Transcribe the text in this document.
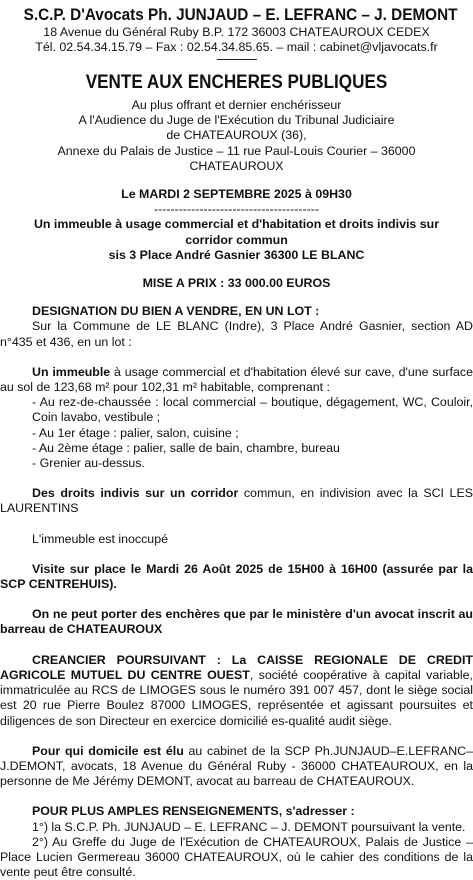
S.C.P. D'Avocats Ph. JUNJAUD – E. LEFRANC – J. DEMONT
18 Avenue du Général Ruby B.P. 172 36003 CHATEAUROUX CEDEX
Tél. 02.54.34.15.79 – Fax : 02.54.34.85.65. – mail : cabinet@vljavocats.fr
VENTE AUX ENCHERES PUBLIQUES
Au plus offrant et dernier enchérisseur
A l'Audience du Juge de l'Exécution du Tribunal Judiciaire
de CHATEAUROUX (36),
Annexe du Palais de Justice – 11 rue Paul-Louis Courier – 36000
CHATEAUROUX
Le MARDI 2 SEPTEMBRE 2025 à 09H30
----------------------------------------
Un immeuble à usage commercial et d'habitation et droits indivis sur
corridor commun
sis 3 Place André Gasnier 36300 LE BLANC
MISE A PRIX : 33 000.00 EUROS

DESIGNATION DU BIEN A VENDRE, EN UN LOT :

Sur la Commune de LE BLANC (Indre), 3 Place André Gasnier, section AD n°435 et 436, en un lot :

Un immeuble à usage commercial et d'habitation élevé sur cave, d'une surface au sol de 123,68 m² pour 102,31 m² habitable, comprenant :

- Au rez-de-chaussée : local commercial – boutique, dégagement, WC, Couloir, Coin lavabo, vestibule ;
- Au 1er étage : palier, salon, cuisine ;
- Au 2ème étage : palier, salle de bain, chambre, bureau
- Grenier au-dessus.

Des droits indivis sur un corridor commun, en indivision avec la SCI LES LAURENTINS

L'immeuble est inoccupé

Visite sur place le Mardi 26 Août 2025 de 15H00 à 16H00 (assurée par la SCP CENTREHUIS).

On ne peut porter des enchères que par le ministère d'un avocat inscrit au barreau de CHATEAUROUX

CREANCIER POURSUIVANT : La CAISSE REGIONALE DE CREDIT AGRICOLE MUTUEL DU CENTRE OUEST, société coopérative à capital variable, immatriculée au RCS de LIMOGES sous le numéro 391 007 457, dont le siège social est 20 rue Pierre Boulez 87000 LIMOGES, représentée et agissant poursuites et diligences de son Directeur en exercice domicilié es-qualité audit siège.

Pour qui domicile est élu au cabinet de la SCP Ph.JUNJAUD–E.LEFRANC–J.DEMONT, avocats, 18 Avenue du Général Ruby - 36000 CHATEAUROUX, en la personne de Me Jérémy DEMONT, avocat au barreau de CHATEAUROUX.

POUR PLUS AMPLES RENSEIGNEMENTS, s'adresser :

1°) la S.C.P. Ph. JUNJAUD – E. LEFRANC – J. DEMONT poursuivant la vente.

2°) Au Greffe du Juge de l'Exécution de CHATEAUROUX, Palais de Justice – Place Lucien Germereau 36000 CHATEAUROUX, où le cahier des conditions de la vente peut être consulté.
